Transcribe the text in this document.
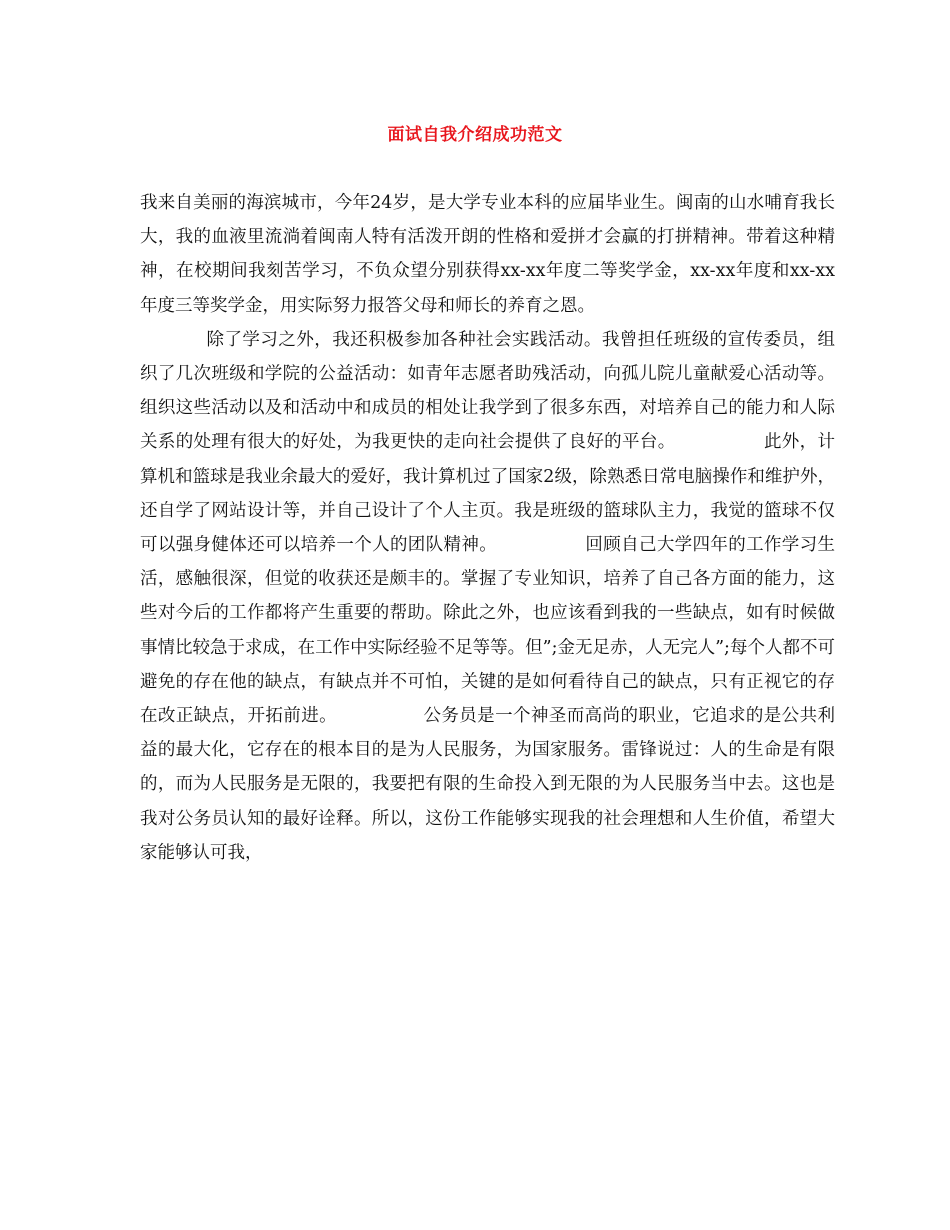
面试自我介绍成功范文

我来自美丽的海滨城市，今年24岁，是大学专业本科的应届毕业生。闽南的山水哺育我长大，我的血液里流淌着闽南人特有活泼开朗的性格和爱拼才会赢的打拼精神。带着这种精神，在校期间我刻苦学习，不负众望分别获得xx-xx年度二等奖学金，xx-xx年度和xx-xx年度三等奖学金，用实际努力报答父母和师长的养育之恩。

除了学习之外，我还积极参加各种社会实践活动。我曾担任班级的宣传委员，组织了几次班级和学院的公益活动：如青年志愿者助残活动，向孤儿院儿童献爱心活动等。组织这些活动以及和活动中和成员的相处让我学到了很多东西，对培养自己的能力和人际关系的处理有很大的好处，为我更快的走向社会提供了良好的平台。	此外，计算机和篮球是我业余最大的爱好，我计算机过了国家2级，除熟悉日常电脑操作和维护外，还自学了网站设计等，并自己设计了个人主页。我是班级的篮球队主力，我觉的篮球不仅可以强身健体还可以培养一个人的团队精神。	回顾自己大学四年的工作学习生活，感触很深，但觉的收获还是颇丰的。掌握了专业知识，培养了自己各方面的能力，这些对今后的工作都将产生重要的帮助。除此之外，也应该看到我的一些缺点，如有时候做事情比较急于求成，在工作中实际经验不足等等。但”;金无足赤，人无完人”;每个人都不可避免的存在他的缺点，有缺点并不可怕，关键的是如何看待自己的缺点，只有正视它的存在改正缺点，开拓前进。	公务员是一个神圣而高尚的职业，它追求的是公共利益的最大化，它存在的根本目的是为人民服务，为国家服务。雷锋说过：人的生命是有限的，而为人民服务是无限的，我要把有限的生命投入到无限的为人民服务当中去。这也是我对公务员认知的最好诠释。所以，这份工作能够实现我的社会理想和人生价值，希望大家能够认可我，
